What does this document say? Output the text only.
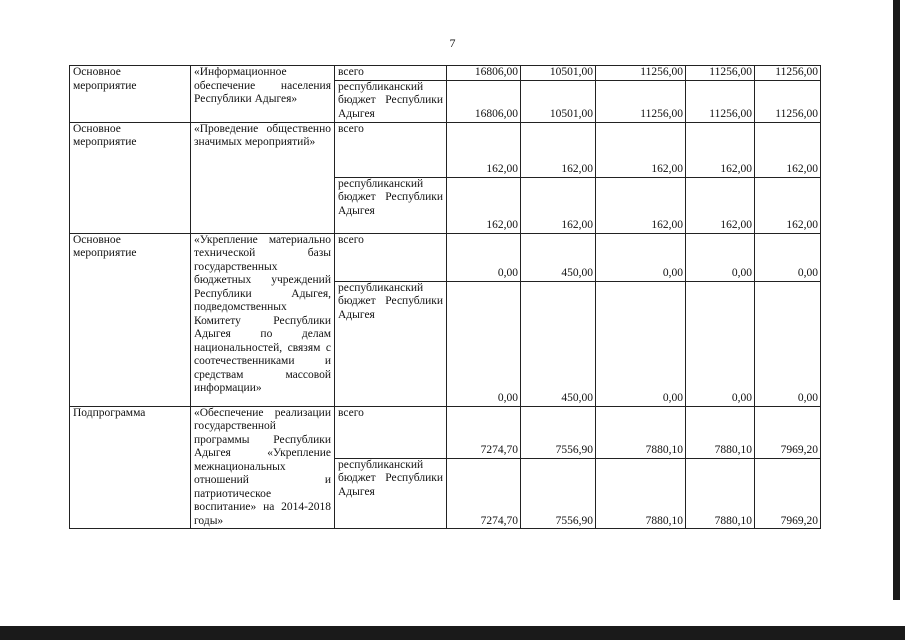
7
Основное мероприятие	«Информационное обеспечение населения Республики Адыгея»	всего	16806,00	10501,00	11256,00	11256,00	11256,00
		республиканский бюджет Республики Адыгея	16806,00	10501,00	11256,00	11256,00	11256,00
Основное мероприятие	«Проведение общественно значимых мероприятий»	всего	162,00	162,00	162,00	162,00	162,00
		республиканский бюджет Республики Адыгея	162,00	162,00	162,00	162,00	162,00
Основное мероприятие	«Укрепление материально технической базы государственных бюджетных учреждений Республики Адыгея, подведомственных Комитету Республики Адыгея по делам национальностей, связям с соотечественниками и средствам массовой информации»	всего	0,00	450,00	0,00	0,00	0,00
		республиканский бюджет Республики Адыгея	0,00	450,00	0,00	0,00	0,00
Подпрограмма	«Обеспечение реализации государственной программы Республики Адыгея «Укрепление межнациональных отношений и патриотическое воспитание» на 2014-2018 годы»	всего	7274,70	7556,90	7880,10	7880,10	7969,20
		республиканский бюджет Республики Адыгея	7274,70	7556,90	7880,10	7880,10	7969,20
